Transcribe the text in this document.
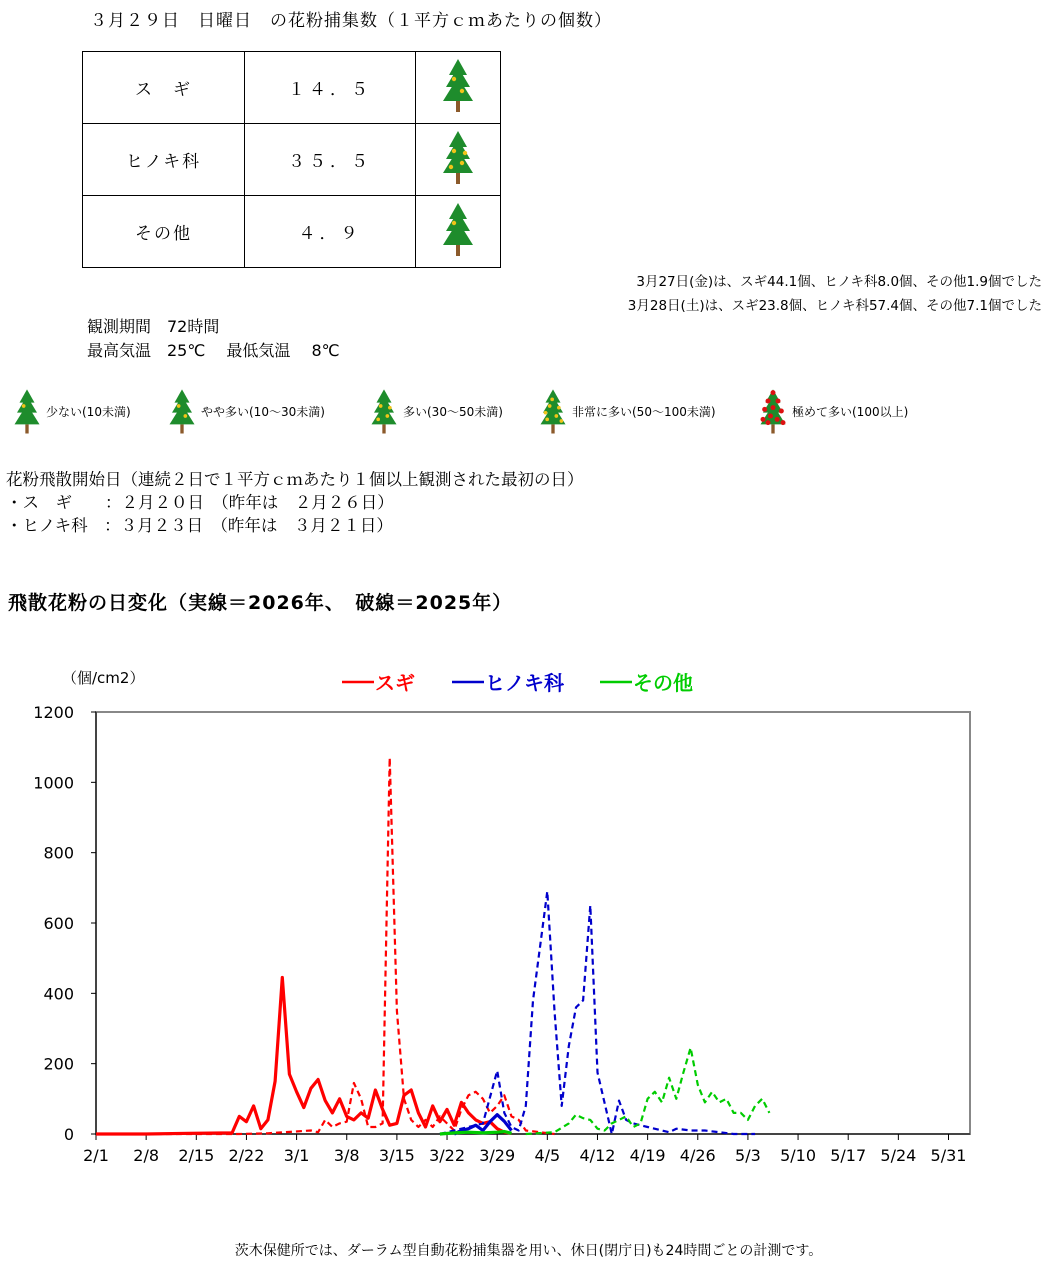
３月２９日　日曜日　の花粉捕集数（１平方ｃｍあたりの個数）
ス　ギ	１４．５	
ヒノキ科	３５．５	
その他	４．９	
3月27日(金)は、スギ44.1個、ヒノキ科8.0個、その他1.9個でした
3月28日(土)は、スギ23.8個、ヒノキ科57.4個、その他7.1個でした
観測期間　72時間
最高気温　25℃　 最低気温　 8℃
少ない(10未満)	やや多い(10～30未満)	多い(30～50未満)	非常に多い(50～100未満)	極めて多い(100以上)
花粉飛散開始日（連続２日で１平方ｃｍあたり１個以上観測された最初の日）
・ス　ギ　　：２月２０日　（昨年は　２月２６日）
・ヒノキ科　：３月２３日　（昨年は　３月２１日）
飛散花粉の日変化（実線＝2026年、　破線＝2025年）
（個/cm2）	スギ	ヒノキ科	その他
0
200
400
600
800
1000
1200
2/1 2/8 2/15 2/22 3/1 3/8 3/15 3/22 3/29 4/5 4/12 4/19 4/26 5/3 5/10 5/17 5/24 5/31
茨木保健所では、ダーラム型自動花粉捕集器を用い、休日(閉庁日)も24時間ごとの計測です。
